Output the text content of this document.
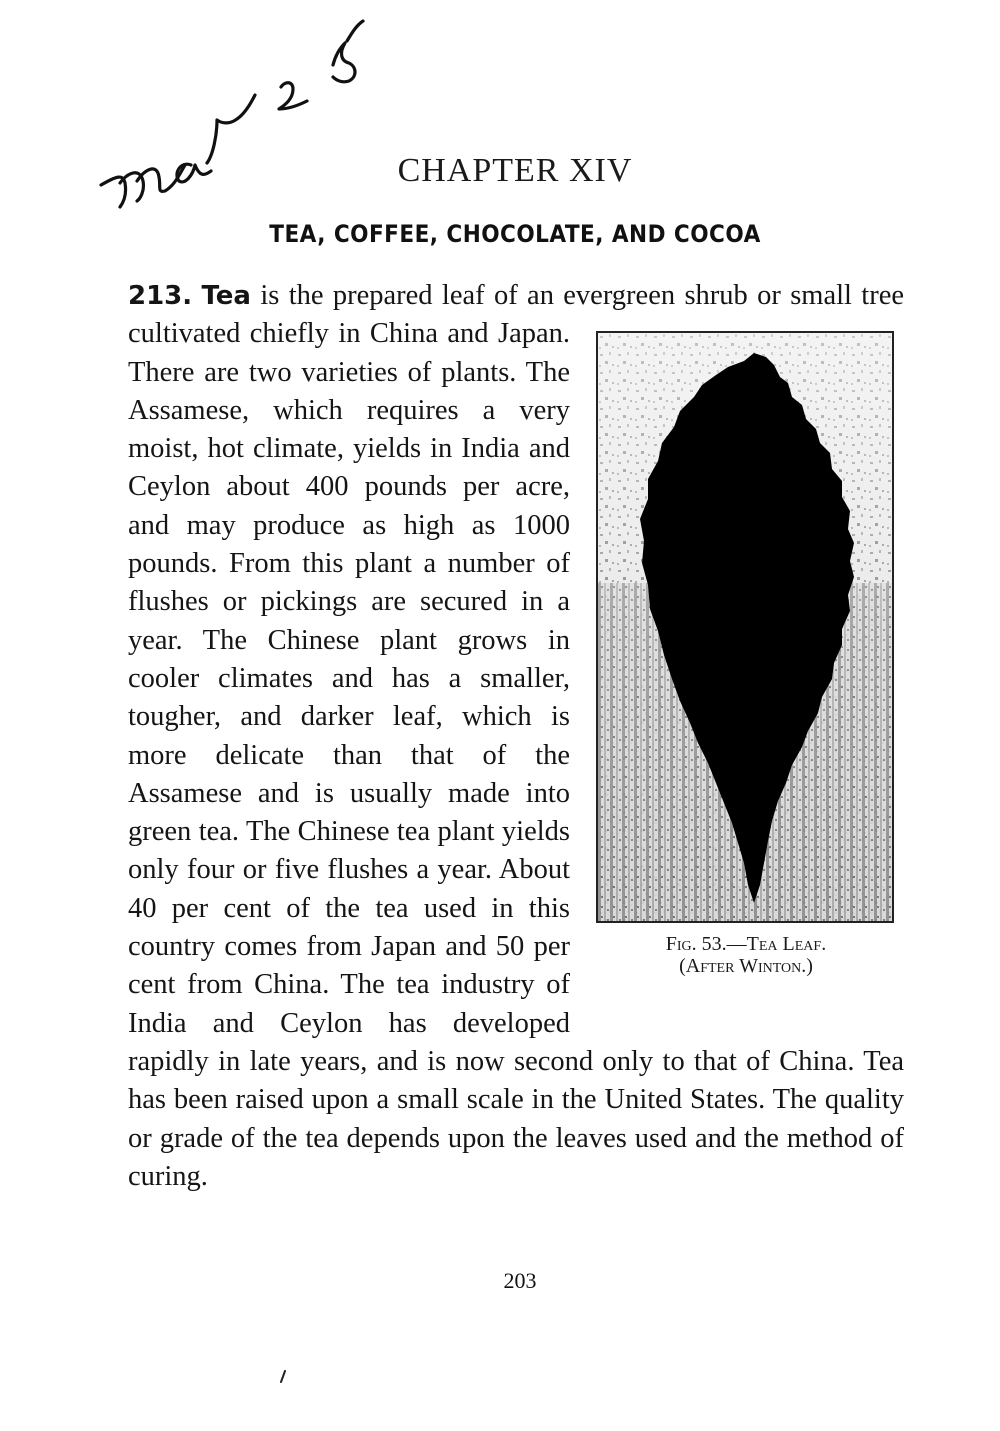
CHAPTER XIV
TEA, COFFEE, CHOCOLATE, AND COCOA
213. Tea is the prepared leaf of an evergreen shrub or small tree cultivated chiefly in China and Japan.
Fig. 53.—Tea Leaf.
(After Winton.)
There are two varieties of plants. The Assamese, which requires a very moist, hot climate, yields in India and Ceylon about 400 pounds per acre, and may produce as high as 1000 pounds. From this plant a number of flushes or pickings are secured in a year. The Chinese plant grows in cooler climates and has a smaller, tougher, and darker leaf, which is more delicate than that of the Assamese and is usually made into green tea. The Chinese tea plant yields only four or five flushes a year. About 40 per cent of the tea used in this country comes from Japan and 50 per cent from China. The tea industry of India and Ceylon has developed rapidly in late years, and is now second only to that of China. Tea has been raised upon a small scale in the United States. The quality or grade of the tea depends upon the leaves used and the method of curing.
203
